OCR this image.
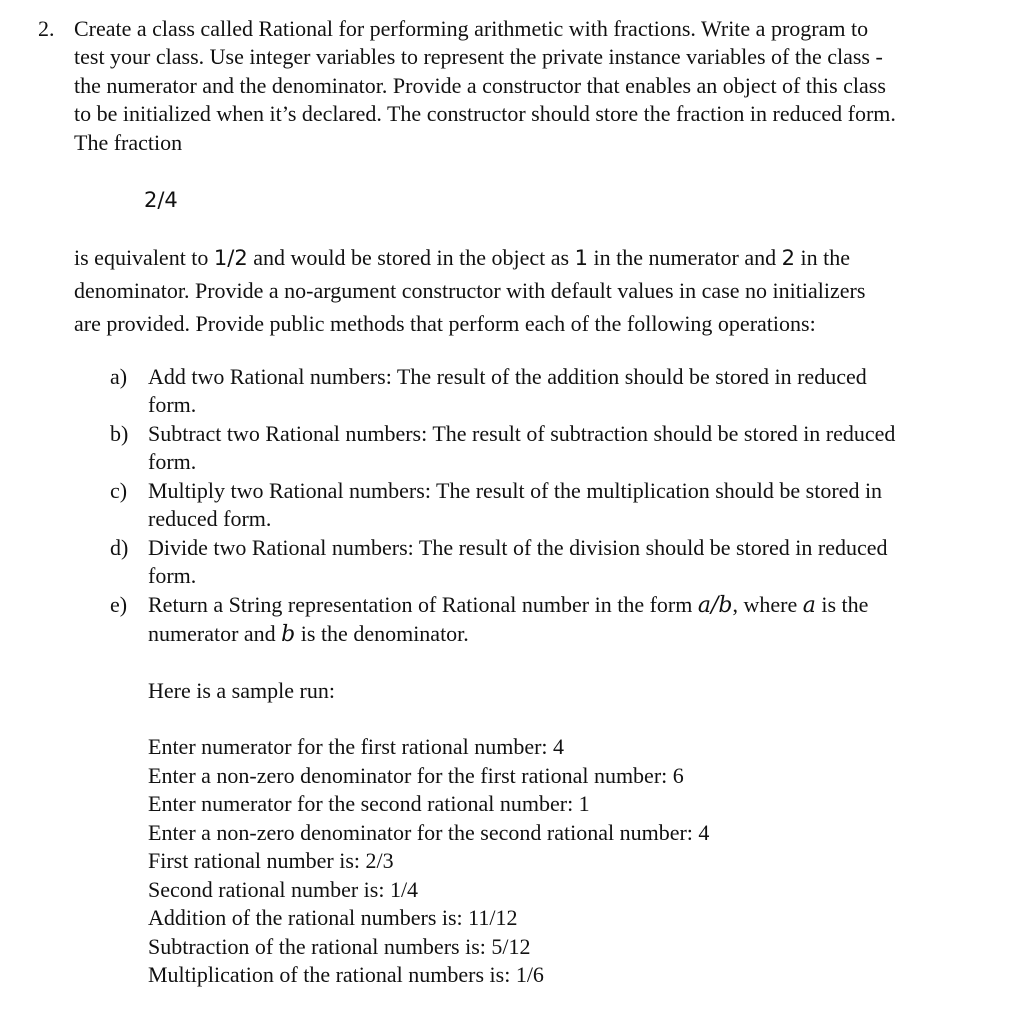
2. Create a class called Rational for performing arithmetic with fractions. Write a program to
test your class. Use integer variables to represent the private instance variables of the class -
the numerator and the denominator. Provide a constructor that enables an object of this class
to be initialized when it’s declared. The constructor should store the fraction in reduced form.
The fraction
2/4
is equivalent to 1/2 and would be stored in the object as 1 in the numerator and 2 in the
denominator. Provide a no-argument constructor with default values in case no initializers
are provided. Provide public methods that perform each of the following operations:
a) Add two Rational numbers: The result of the addition should be stored in reduced
form.
b) Subtract two Rational numbers: The result of subtraction should be stored in reduced
form.
c) Multiply two Rational numbers: The result of the multiplication should be stored in
reduced form.
d) Divide two Rational numbers: The result of the division should be stored in reduced
form.
e) Return a String representation of Rational number in the form a/b, where a is the
numerator and b is the denominator.
Here is a sample run:
Enter numerator for the first rational number: 4
Enter a non-zero denominator for the first rational number: 6
Enter numerator for the second rational number: 1
Enter a non-zero denominator for the second rational number: 4
First rational number is: 2/3
Second rational number is: 1/4
Addition of the rational numbers is: 11/12
Subtraction of the rational numbers is: 5/12
Multiplication of the rational numbers is: 1/6
